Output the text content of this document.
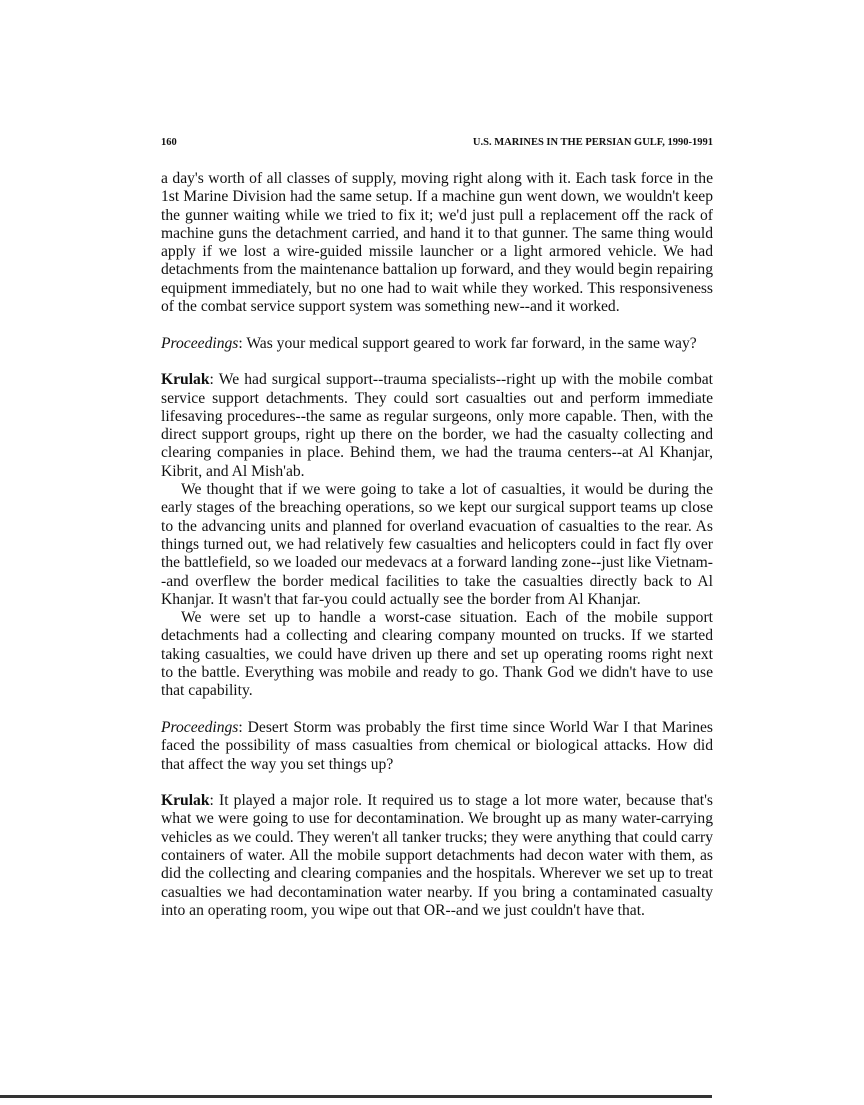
160	U.S. MARINES IN THE PERSIAN GULF, 1990-1991

a day's worth of all classes of supply, moving right along with it. Each task force in the 1st Marine Division had the same setup. If a machine gun went down, we wouldn't keep the gunner waiting while we tried to fix it; we'd just pull a replacement off the rack of machine guns the detachment carried, and hand it to that gunner. The same thing would apply if we lost a wire-guided missile launcher or a light armored vehicle. We had detachments from the maintenance battalion up forward, and they would begin repairing equipment immediately, but no one had to wait while they worked. This responsiveness of the combat service support system was something new--and it worked.

Proceedings: Was your medical support geared to work far forward, in the same way?

Krulak: We had surgical support--trauma specialists--right up with the mobile combat service support detachments. They could sort casualties out and perform immediate lifesaving procedures--the same as regular surgeons, only more capable. Then, with the direct support groups, right up there on the border, we had the casualty collecting and clearing companies in place. Behind them, we had the trauma centers--at Al Khanjar, Kibrit, and Al Mish'ab.

We thought that if we were going to take a lot of casualties, it would be during the early stages of the breaching operations, so we kept our surgical support teams up close to the advancing units and planned for overland evacuation of casualties to the rear. As things turned out, we had relatively few casualties and helicopters could in fact fly over the battlefield, so we loaded our medevacs at a forward landing zone--just like Vietnam--and overflew the border medical facilities to take the casualties directly back to Al Khanjar. It wasn't that far-you could actually see the border from Al Khanjar.

We were set up to handle a worst-case situation. Each of the mobile support detachments had a collecting and clearing company mounted on trucks. If we started taking casualties, we could have driven up there and set up operating rooms right next to the battle. Everything was mobile and ready to go. Thank God we didn't have to use that capability.

Proceedings: Desert Storm was probably the first time since World War I that Marines faced the possibility of mass casualties from chemical or biological attacks. How did that affect the way you set things up?

Krulak: It played a major role. It required us to stage a lot more water, because that's what we were going to use for decontamination. We brought up as many water-carrying vehicles as we could. They weren't all tanker trucks; they were anything that could carry containers of water. All the mobile support detachments had decon water with them, as did the collecting and clearing companies and the hospitals. Wherever we set up to treat casualties we had decontamination water nearby. If you bring a contaminated casualty into an operating room, you wipe out that OR--and we just couldn't have that.
